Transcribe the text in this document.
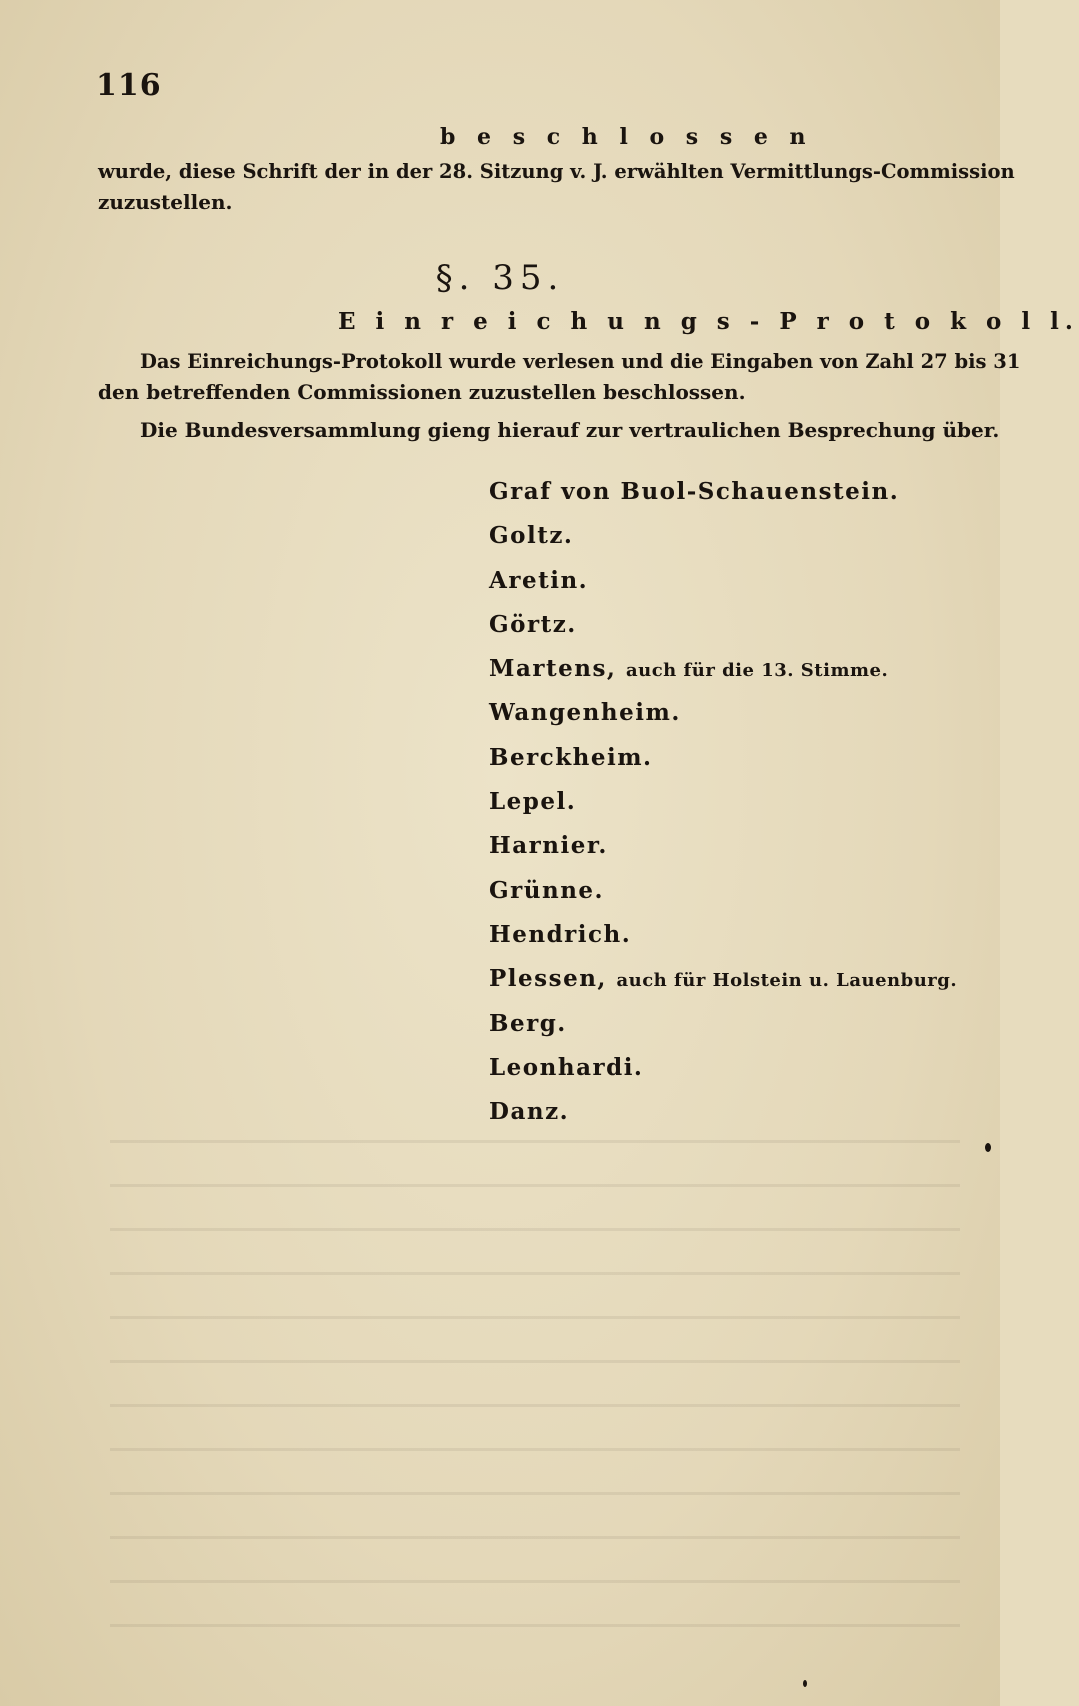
116
b e s c h l o s s e n
wurde, diese Schrift der in der 28. Sitzung v. J. erwählten Vermittlungs-Commission
zuzustellen.
§. 35.
E i n r e i c h u n g s - P r o t o k o l l.
Das Einreichungs-Protokoll wurde verlesen und die Eingaben von Zahl 27 bis 31
den betreffenden Commissionen zuzustellen beschlossen.
Die Bundesversammlung gieng hierauf zur vertraulichen Besprechung über.
Graf von Buol-Schauenstein.
Goltz.
Aretin.
Görtz.
Martens, auch für die 13. Stimme.
Wangenheim.
Berckheim.
Lepel.
Harnier.
Grünne.
Hendrich.
Plessen, auch für Holstein u. Lauenburg.
Berg.
Leonhardi.
Danz.
